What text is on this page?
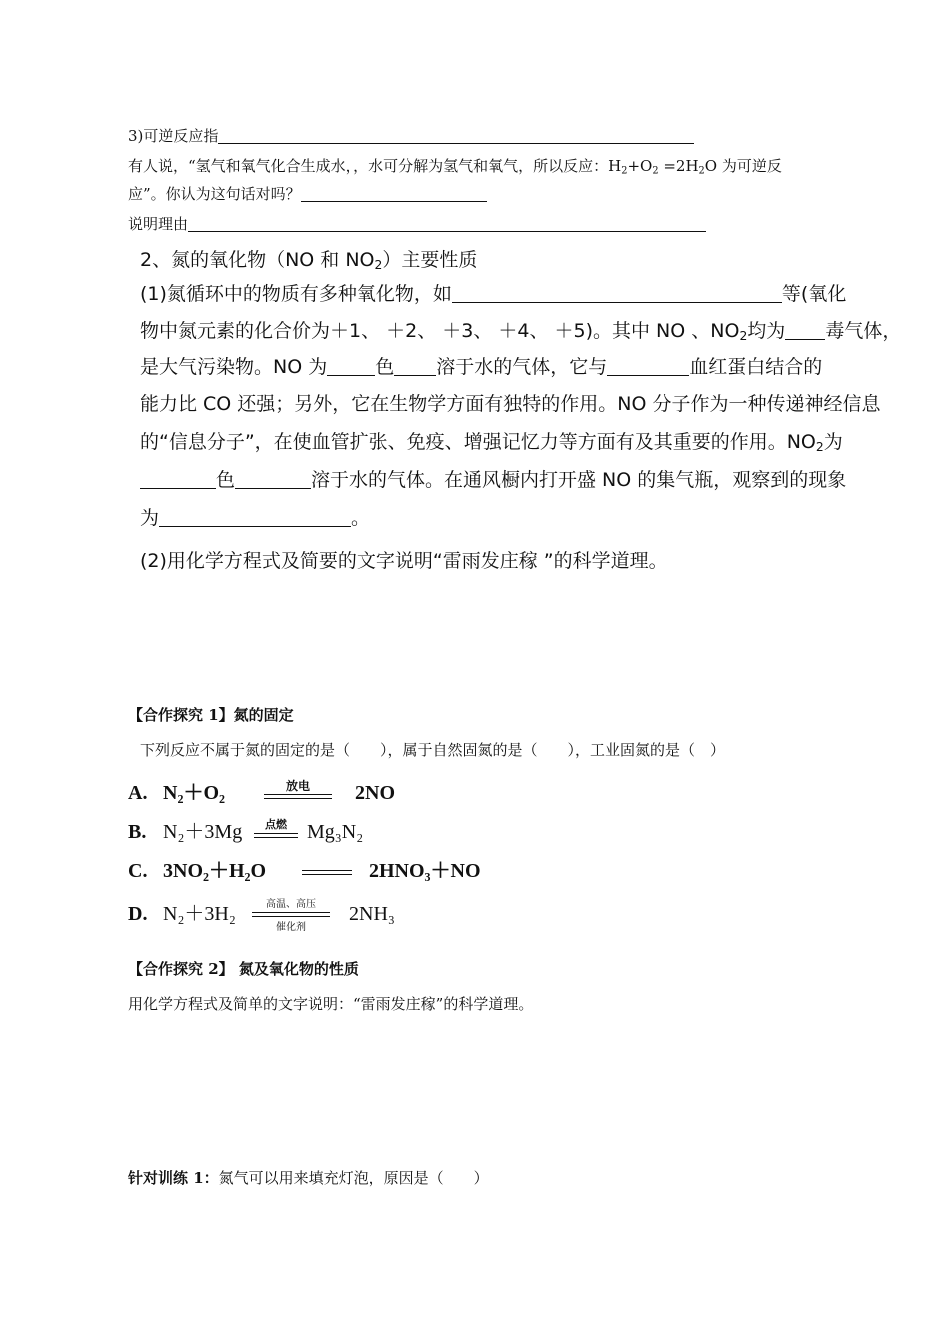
3)可逆反应指
有人说，“氢气和氧气化合生成水，，水可分解为氢气和氧气，所以反应：$H_2+O_2 =2H_2O$ 为可逆反
应”。你认为这句话对吗？
说明理由
2、氮的氧化物（NO 和 $NO_2$）主要性质
(1)氮循环中的物质有多种氧化物，如	等(氧化
物中氮元素的化合价为＋1、 ＋2、 ＋3、 ＋4、 ＋5)。其中 NO 、$NO_2$均为 毒气体，
是大气污染物。NO 为	色 溶于水的气体，它与	血红蛋白结合的
能力比 CO 还强；另外，它在生物学方面有独特的作用。NO 分子作为一种传递神经信息
的“信息分子”，在使血管扩张、免疫、增强记忆力等方面有及其重要的作用。$NO_2$为
色	溶于水的气体。在通风橱内打开盛 NO 的集气瓶，观察到的现象
为	。
(2)用化学方程式及简要的文字说明“雷雨发庄稼 ”的科学道理。
【合作探究 1】氮的固定
下列反应不属于氮的固定的是（　　），属于自然固氮的是（　　），工业固氮的是（　）
A. N₂＋O₂	放电	2NO
B. N₂＋3Mg	点燃	Mg₃N₂
C. 3NO₂＋H₂O	2HNO₃＋NO
D. N₂＋3H₂	高温、高压
催化剂
2NH₃
【合作探究 2】 氮及氧化物的性质
用化学方程式及简单的文字说明：“雷雨发庄稼”的科学道理。
针对训练 1：氮气可以用来填充灯泡，原因是（　　）
